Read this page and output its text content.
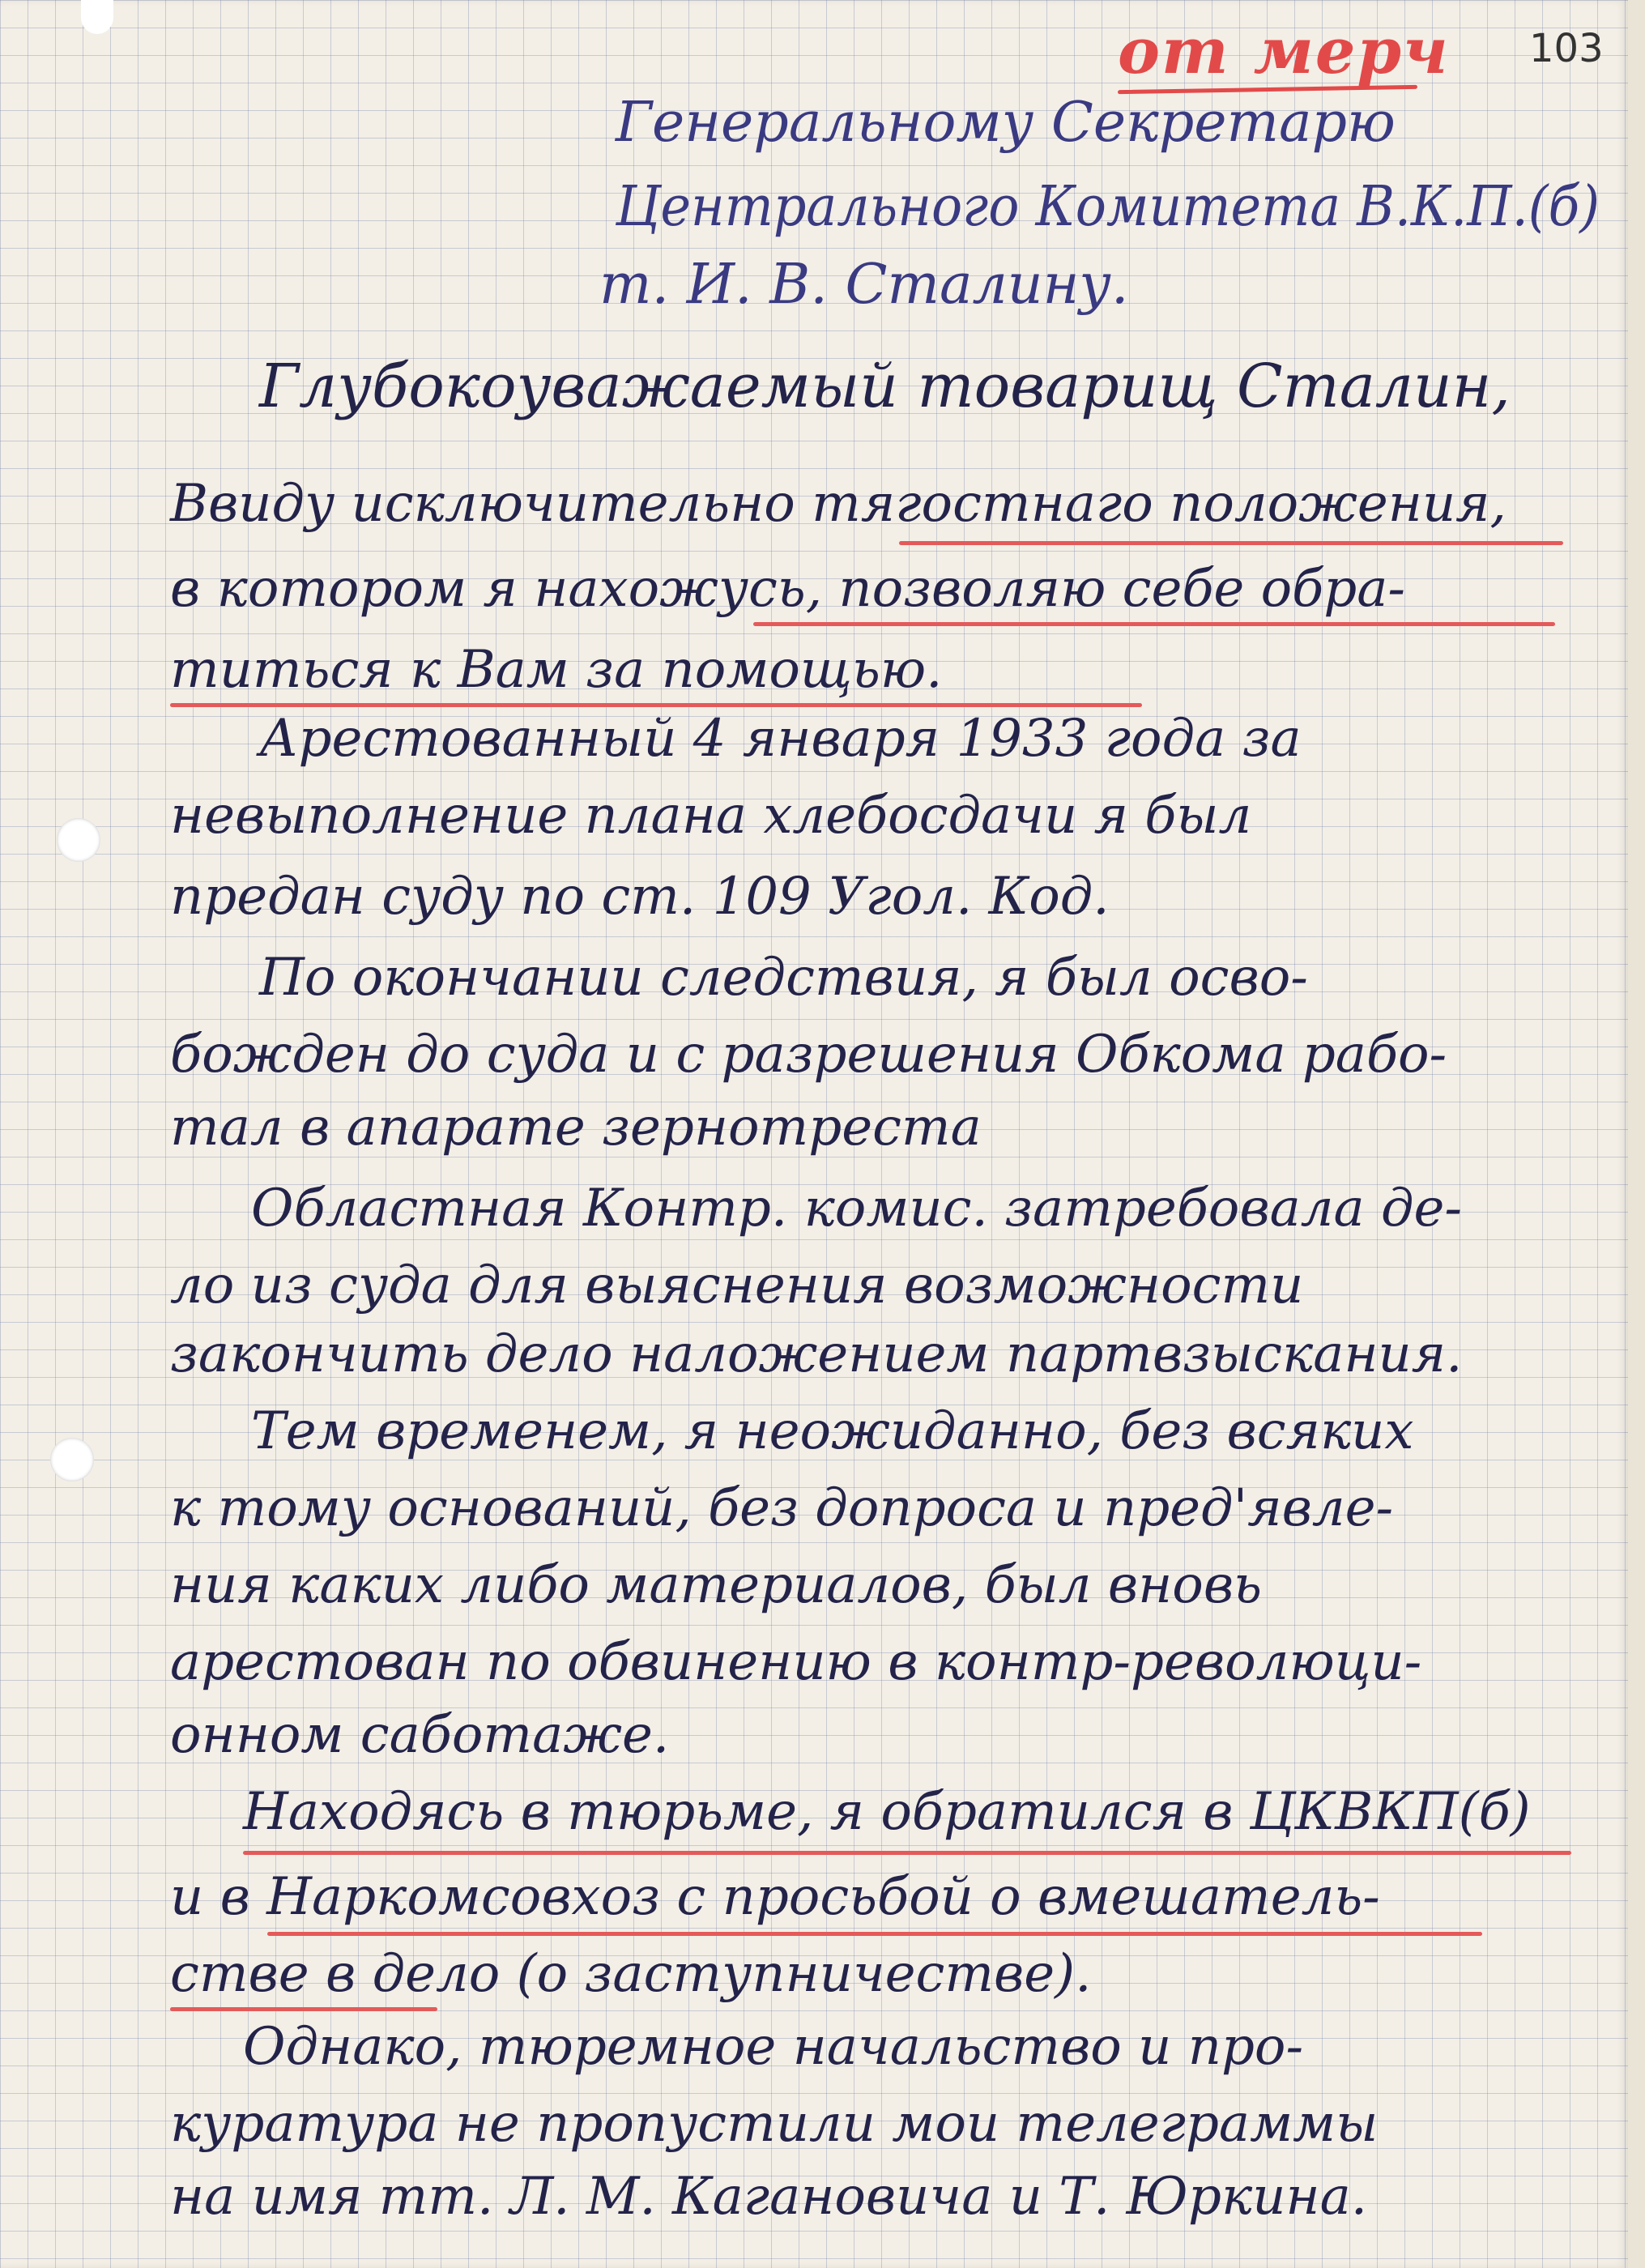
от мерч 103
Генеральному Секретарю
Центрального Комитета В.К.П.(б)
т. И. В. Сталину.
Глубокоуважаемый товарищ Сталин,
Ввиду исключительно тягостнаго положения,
в котором я нахожусь, позволяю себе обра-
титься к Вам за помощью.
Арестованный 4 января 1933 года за
невыполнение плана хлебосдачи я был
предан суду по ст. 109 Угол. Код.
По окончании следствия, я был осво-
божден до суда и с разрешения Обкома рабо-
тал в апарате зернотреста
Областная Контр. комис. затребовала де-
ло из суда для выяснения возможности
закончить дело наложением партвзыскания.
Тем временем, я неожиданно, без всяких
к тому оснований, без допроса и пред'явле-
ния каких либо материалов, был вновь
арестован по обвинению в контр-революци-
онном саботаже.
Находясь в тюрьме, я обратился в ЦКВКП(б)
и в Наркомсовхоз с просьбой о вмешатель-
стве в дело (о заступничестве).
Однако, тюремное начальство и про-
куратура не пропустили мои телеграммы
на имя тт. Л. М. Кагановича и Т. Юркина.
